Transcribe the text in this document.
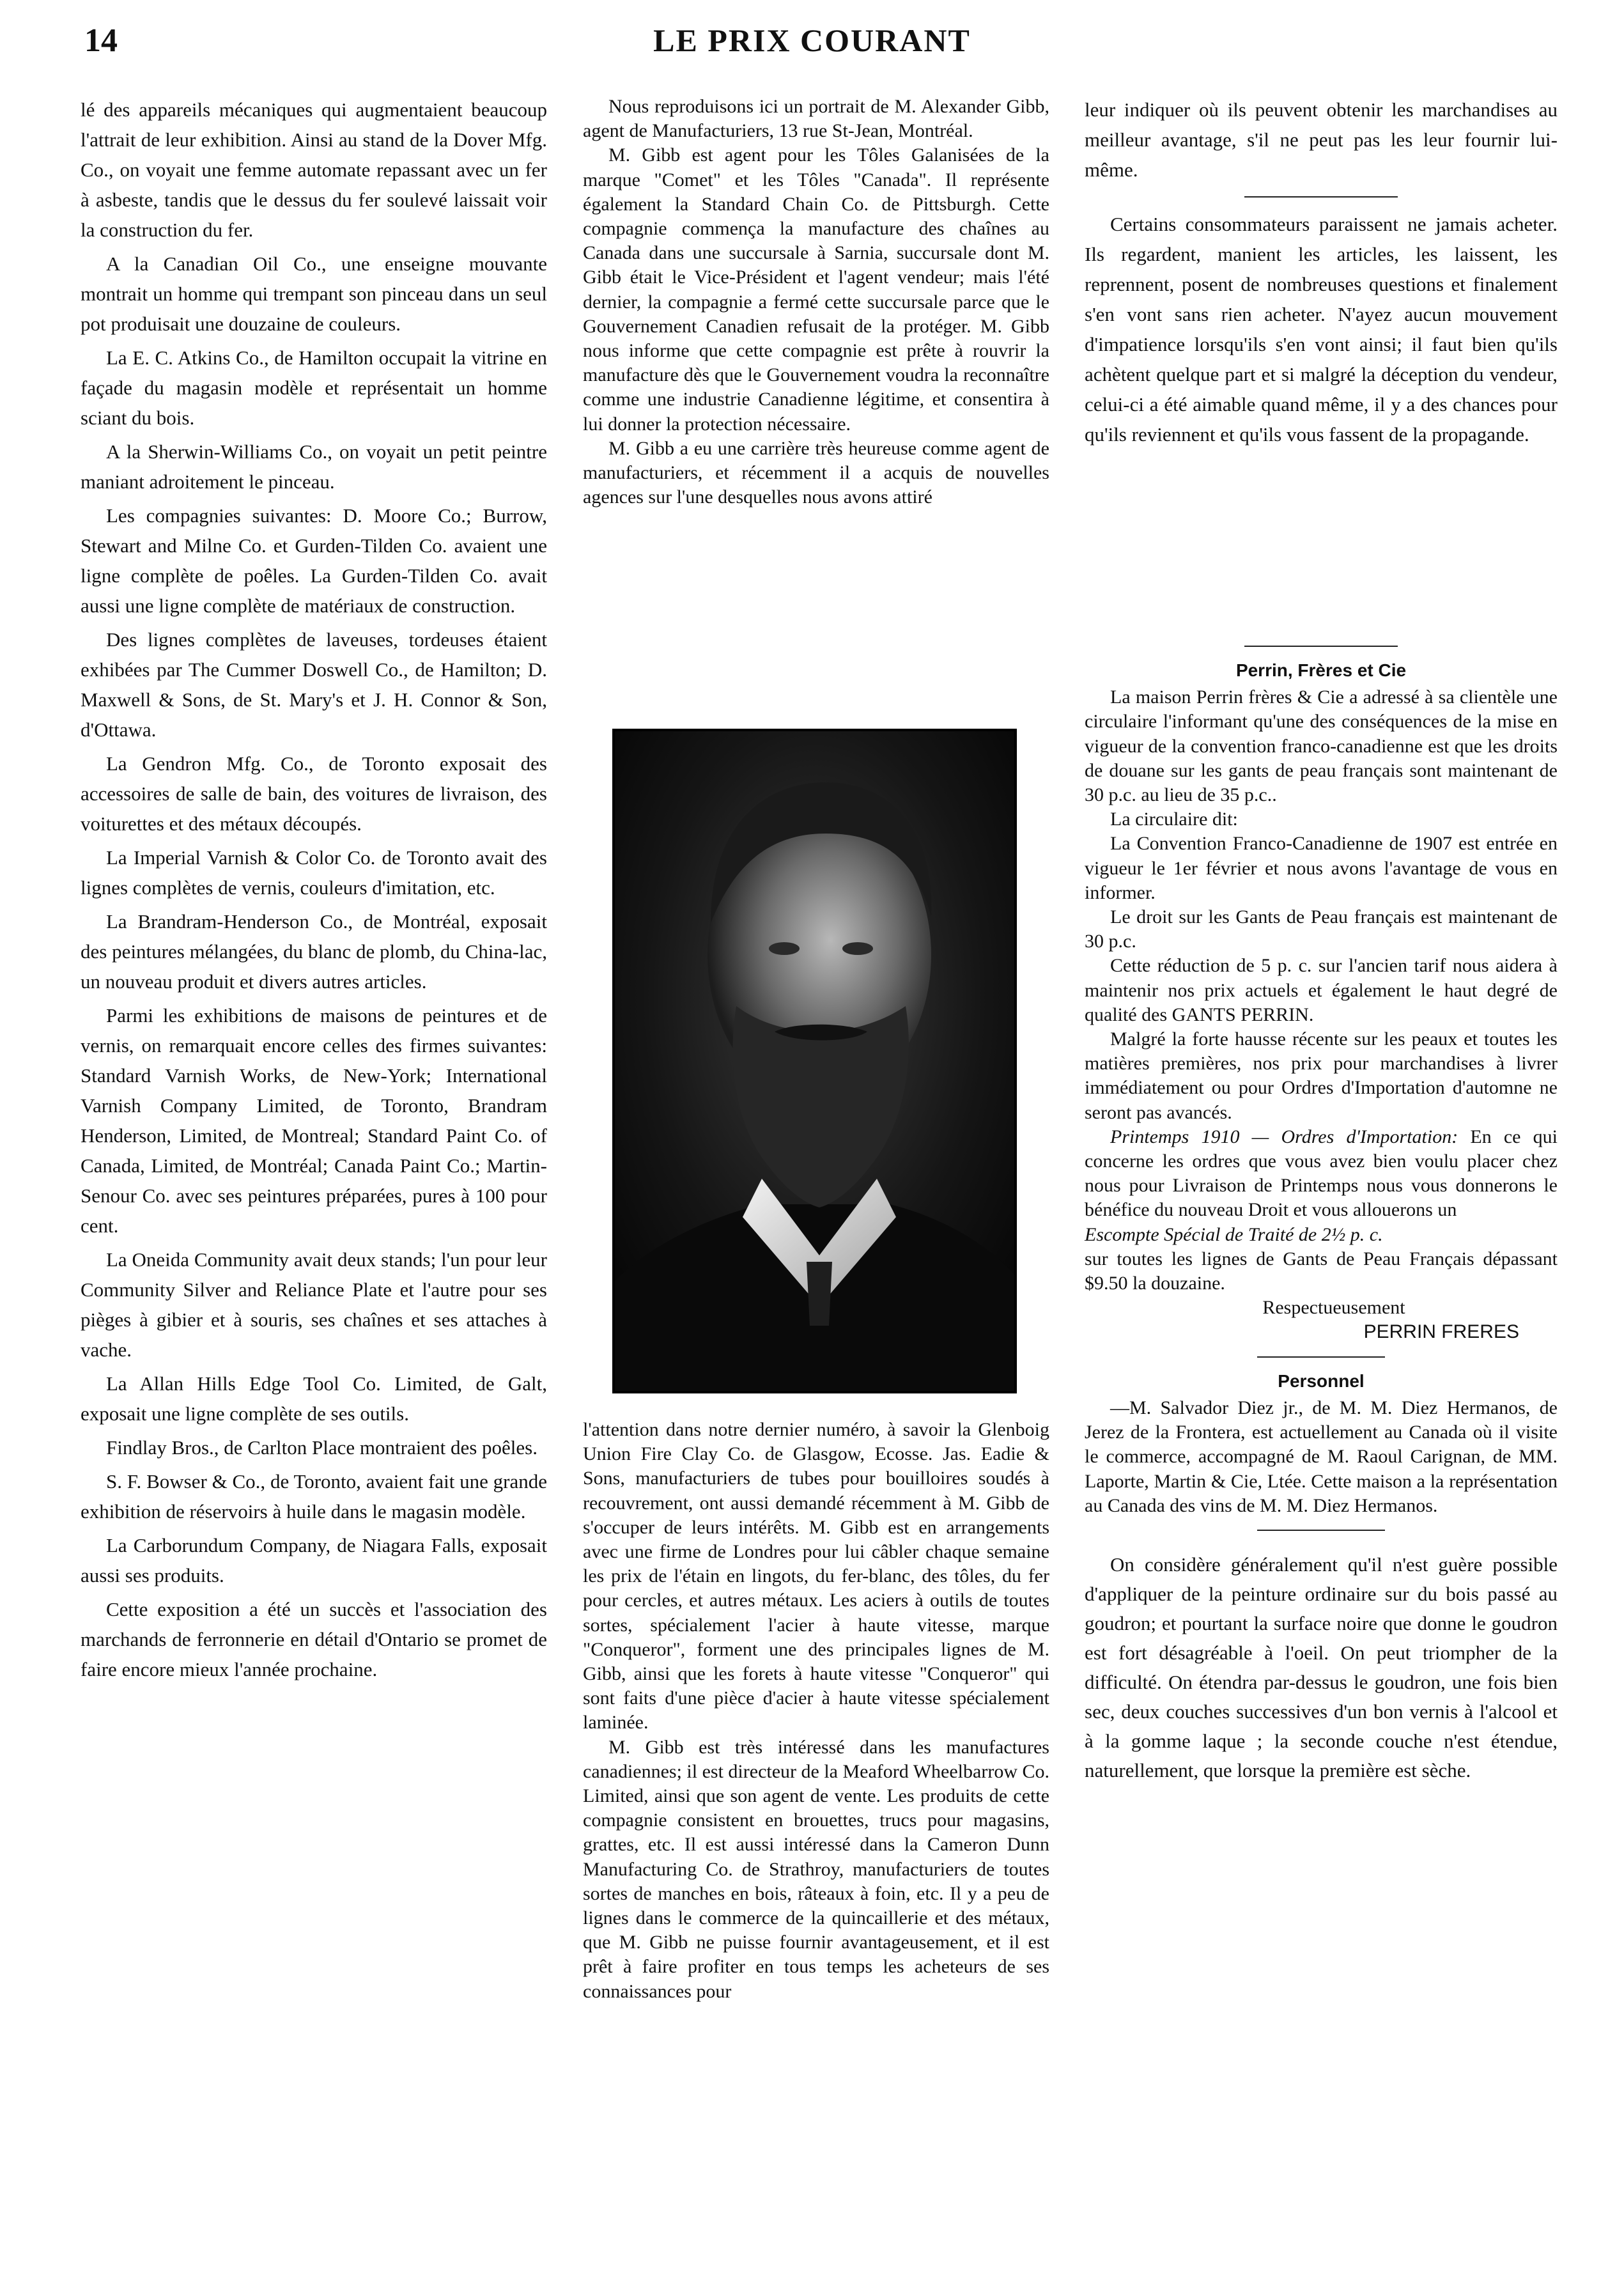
14	LE PRIX COURANT

lé des appareils mécaniques qui augmentaient beaucoup l'attrait de leur exhibition. Ainsi au stand de la Dover Mfg. Co., on voyait une femme automate repassant avec un fer à asbeste, tandis que le dessus du fer soulevé laissait voir la construction du fer.

A la Canadian Oil Co., une enseigne mouvante montrait un homme qui trempant son pinceau dans un seul pot produisait une douzaine de couleurs.

La E. C. Atkins Co., de Hamilton occupait la vitrine en façade du magasin modèle et représentait un homme sciant du bois.

A la Sherwin-Williams Co., on voyait un petit peintre maniant adroitement le pinceau.

Les compagnies suivantes: D. Moore Co.; Burrow, Stewart and Milne Co. et Gurden-Tilden Co. avaient une ligne complète de poêles. La Gurden-Tilden Co. avait aussi une ligne complète de matériaux de construction.

Des lignes complètes de laveuses, tordeuses étaient exhibées par The Cummer Doswell Co., de Hamilton; D. Maxwell & Sons, de St. Mary's et J. H. Connor & Son, d'Ottawa.

La Gendron Mfg. Co., de Toronto exposait des accessoires de salle de bain, des voitures de livraison, des voiturettes et des métaux découpés.

La Imperial Varnish & Color Co. de Toronto avait des lignes complètes de vernis, couleurs d'imitation, etc.

La Brandram-Henderson Co., de Montréal, exposait des peintures mélangées, du blanc de plomb, du China-lac, un nouveau produit et divers autres articles.

Parmi les exhibitions de maisons de peintures et de vernis, on remarquait encore celles des firmes suivantes: Standard Varnish Works, de New-York; International Varnish Company Limited, de Toronto, Brandram Henderson, Limited, de Montreal; Standard Paint Co. of Canada, Limited, de Montréal; Canada Paint Co.; Martin-Senour Co. avec ses peintures préparées, pures à 100 pour cent.

La Oneida Community avait deux stands; l'un pour leur Community Silver and Reliance Plate et l'autre pour ses pièges à gibier et à souris, ses chaînes et ses attaches à vache.

La Allan Hills Edge Tool Co. Limited, de Galt, exposait une ligne complète de ses outils.

Findlay Bros., de Carlton Place montraient des poêles.

S. F. Bowser & Co., de Toronto, avaient fait une grande exhibition de réservoirs à huile dans le magasin modèle.

La Carborundum Company, de Niagara Falls, exposait aussi ses produits.

Cette exposition a été un succès et l'association des marchands de ferronnerie en détail d'Ontario se promet de faire encore mieux l'année prochaine.

Nous reproduisons ici un portrait de M. Alexander Gibb, agent de Manufacturiers, 13 rue St-Jean, Montréal.

M. Gibb est agent pour les Tôles Galanisées de la marque "Comet" et les Tôles "Canada". Il représente également la Standard Chain Co. de Pittsburgh. Cette compagnie commença la manufacture des chaînes au Canada dans une succursale à Sarnia, succursale dont M. Gibb était le Vice-Président et l'agent vendeur; mais l'été dernier, la compagnie a fermé cette succursale parce que le Gouvernement Canadien refusait de la protéger. M. Gibb nous informe que cette compagnie est prête à rouvrir la manufacture dès que le Gouvernement voudra la reconnaître comme une industrie Canadienne légitime, et consentira à lui donner la protection nécessaire.

M. Gibb a eu une carrière très heureuse comme agent de manufacturiers, et récemment il a acquis de nouvelles agences sur l'une desquelles nous avons attiré

l'attention dans notre dernier numéro, à savoir la Glenboig Union Fire Clay Co. de Glasgow, Ecosse. Jas. Eadie & Sons, manufacturiers de tubes pour bouilloires soudés à recouvrement, ont aussi demandé récemment à M. Gibb de s'occuper de leurs intérêts. M. Gibb est en arrangements avec une firme de Londres pour lui câbler chaque semaine les prix de l'étain en lingots, du fer-blanc, des tôles, du fer pour cercles, et autres métaux. Les aciers à outils de toutes sortes, spécialement l'acier à haute vitesse, marque "Conqueror", forment une des principales lignes de M. Gibb, ainsi que les forets à haute vitesse "Conqueror" qui sont faits d'une pièce d'acier à haute vitesse spécialement laminée.

M. Gibb est très intéressé dans les manufactures canadiennes; il est directeur de la Meaford Wheelbarrow Co. Limited, ainsi que son agent de vente. Les produits de cette compagnie consistent en brouettes, trucs pour magasins, grattes, etc. Il est aussi intéressé dans la Cameron Dunn Manufacturing Co. de Strathroy, manufacturiers de toutes sortes de manches en bois, râteaux à foin, etc. Il y a peu de lignes dans le commerce de la quincaillerie et des métaux, que M. Gibb ne puisse fournir avantageusement, et il est prêt à faire profiter en tous temps les acheteurs de ses connaissances pour

leur indiquer où ils peuvent obtenir les marchandises au meilleur avantage, s'il ne peut pas les leur fournir lui-même.

Certains consommateurs paraissent ne jamais acheter. Ils regardent, manient les articles, les laissent, les reprennent, posent de nombreuses questions et finalement s'en vont sans rien acheter. N'ayez aucun mouvement d'impatience lorsqu'ils s'en vont ainsi; il faut bien qu'ils achètent quelque part et si malgré la déception du vendeur, celui-ci a été aimable quand même, il y a des chances pour qu'ils reviennent et qu'ils vous fassent de la propagande.

Perrin, Frères et Cie

La maison Perrin frères & Cie a adressé à sa clientèle une circulaire l'informant qu'une des conséquences de la mise en vigueur de la convention franco-canadienne est que les droits de douane sur les gants de peau français sont maintenant de 30 p.c. au lieu de 35 p.c..

La circulaire dit:

La Convention Franco-Canadienne de 1907 est entrée en vigueur le 1er février et nous avons l'avantage de vous en informer.

Le droit sur les Gants de Peau français est maintenant de 30 p.c.

Cette réduction de 5 p. c. sur l'ancien tarif nous aidera à maintenir nos prix actuels et également le haut degré de qualité des GANTS PERRIN.

Malgré la forte hausse récente sur les peaux et toutes les matières premières, nos prix pour marchandises à livrer immédiatement ou pour Ordres d'Importation d'automne ne seront pas avancés.

Printemps 1910 — Ordres d'Importation: En ce qui concerne les ordres que vous avez bien voulu placer chez nous pour Livraison de Printemps nous vous donnerons le bénéfice du nouveau Droit et vous allouerons un

Escompte Spécial de Traité de 2½ p. c.

sur toutes les lignes de Gants de Peau Français dépassant $9.50 la douzaine.

Respectueusement

PERRIN FRERES

Personnel

—M. Salvador Diez jr., de M. M. Diez Hermanos, de Jerez de la Frontera, est actuellement au Canada où il visite le commerce, accompagné de M. Raoul Carignan, de MM. Laporte, Martin & Cie, Ltée. Cette maison a la représentation au Canada des vins de M. M. Diez Hermanos.

On considère généralement qu'il n'est guère possible d'appliquer de la peinture ordinaire sur du bois passé au goudron; et pourtant la surface noire que donne le goudron est fort désagréable à l'oeil. On peut triompher de la difficulté. On étendra par-dessus le goudron, une fois bien sec, deux couches successives d'un bon vernis à l'alcool et à la gomme laque ; la seconde couche n'est étendue, naturellement, que lorsque la première est sèche.
